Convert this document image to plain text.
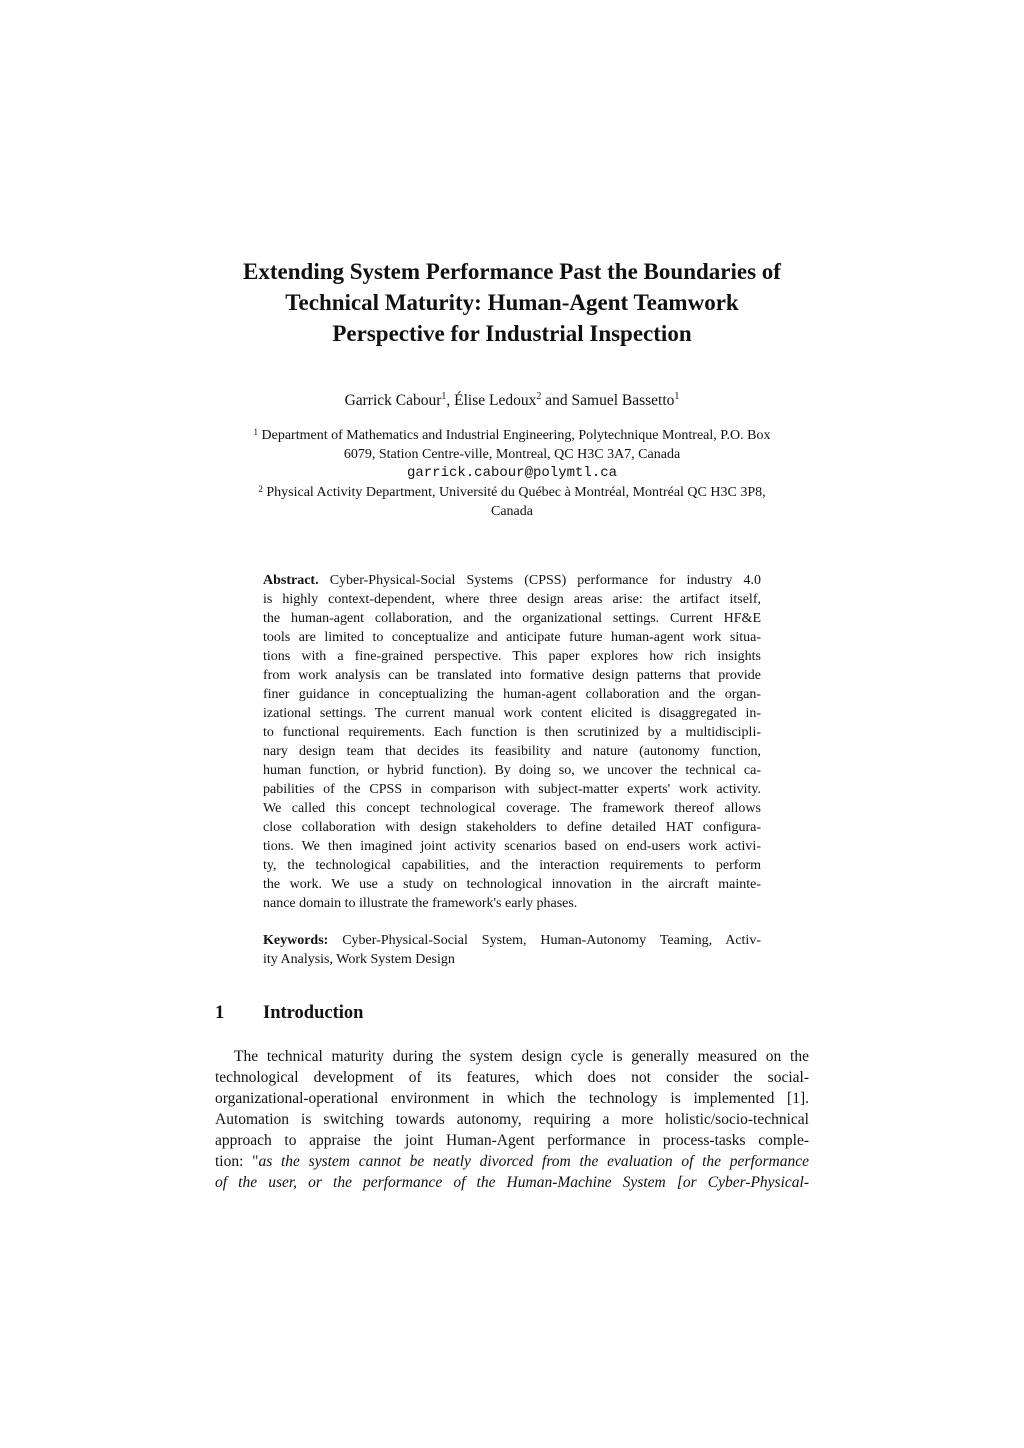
Extending System Performance Past the Boundaries of
Technical Maturity: Human-Agent Teamwork
Perspective for Industrial Inspection

Garrick Cabour$^1$, Élise Ledoux$^2$ and Samuel Bassetto$^1$

$^1$ Department of Mathematics and Industrial Engineering, Polytechnique Montreal, P.O. Box
6079, Station Centre-ville, Montreal, QC H3C 3A7, Canada
garrick.cabour@polymtl.ca
$^2$ Physical Activity Department, Université du Québec à Montréal, Montréal QC H3C 3P8,
Canada
Abstract. Cyber-Physical-Social Systems (CPSS) performance for industry 4.0
is highly context-dependent, where three design areas arise: the artifact itself,
the human-agent collaboration, and the organizational settings. Current HF&E
tools are limited to conceptualize and anticipate future human-agent work situa-
tions with a fine-grained perspective. This paper explores how rich insights
from work analysis can be translated into formative design patterns that provide
finer guidance in conceptualizing the human-agent collaboration and the organ-
izational settings. The current manual work content elicited is disaggregated in-
to functional requirements. Each function is then scrutinized by a multidiscipli-
nary design team that decides its feasibility and nature (autonomy function,
human function, or hybrid function). By doing so, we uncover the technical ca-
pabilities of the CPSS in comparison with subject-matter experts' work activity.
We called this concept technological coverage. The framework thereof allows
close collaboration with design stakeholders to define detailed HAT configura-
tions. We then imagined joint activity scenarios based on end-users work activi-
ty, the technological capabilities, and the interaction requirements to perform
the work. We use a study on technological innovation in the aircraft mainte-
nance domain to illustrate the framework's early phases.
Keywords: Cyber-Physical-Social System, Human-Autonomy Teaming, Activ-
ity Analysis, Work System Design
1 Introduction
The technical maturity during the system design cycle is generally measured on the
technological development of its features, which does not consider the social-
organizational-operational environment in which the technology is implemented [1].
Automation is switching towards autonomy, requiring a more holistic/socio-technical
approach to appraise the joint Human-Agent performance in process-tasks comple-
tion: "as the system cannot be neatly divorced from the evaluation of the performance
of the user, or the performance of the Human-Machine System [or Cyber-Physical-
